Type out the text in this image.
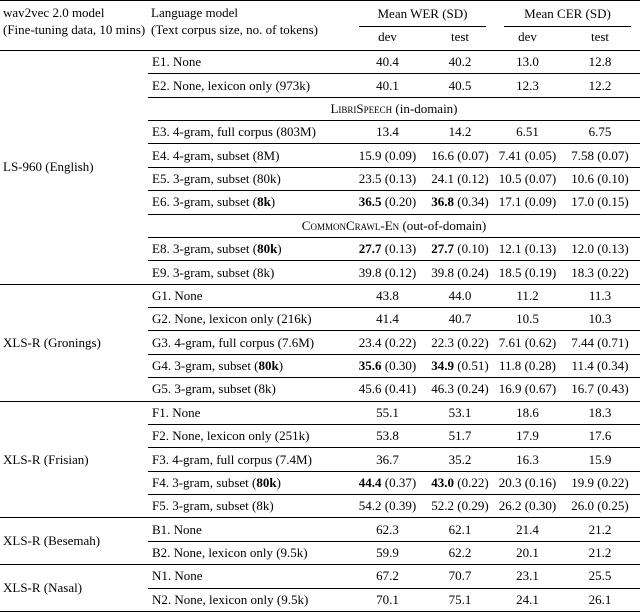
wav2vec 2.0 model
(Fine-tuning data, 10 mins)

Language model
(Text corpus size, no. of tokens)

Mean WER (SD)	Mean CER (SD)

		dev	test	dev	test
LS-960 (English)	E1. None	40.4	40.2	13.0	12.8
	E2. None, lexicon only (973k)	40.1	40.5	12.3	12.2
	LibriSpeech (in-domain)				
	E3. 4-gram, full corpus (803M)	13.4	14.2	6.51	6.75
	E4. 4-gram, subset (8M)	15.9 (0.09)	16.6 (0.07)	7.41 (0.05)	7.58 (0.07)
	E5. 3-gram, subset (80k)	23.5 (0.13)	24.1 (0.12)	10.5 (0.07)	10.6 (0.10)
	E6. 3-gram, subset (8k)	36.5 (0.20)	36.8 (0.34)	17.1 (0.09)	17.0 (0.15)
	CommonCrawl-En (out-of-domain)				
	E8. 3-gram, subset (80k)	27.7 (0.13)	27.7 (0.10)	12.1 (0.13)	12.0 (0.13)
	E9. 3-gram, subset (8k)	39.8 (0.12)	39.8 (0.24)	18.5 (0.19)	18.3 (0.22)
XLS-R (Gronings)	G1. None	43.8	44.0	11.2	11.3
	G2. None, lexicon only (216k)	41.4	40.7	10.5	10.3
	G3. 4-gram, full corpus (7.6M)	23.4 (0.22)	22.3 (0.22)	7.61 (0.62)	7.44 (0.71)
	G4. 3-gram, subset (80k)	35.6 (0.30)	34.9 (0.51)	11.8 (0.28)	11.4 (0.34)
	G5. 3-gram, subset (8k)	45.6 (0.41)	46.3 (0.24)	16.9 (0.67)	16.7 (0.43)
XLS-R (Frisian)	F1. None	55.1	53.1	18.6	18.3
	F2. None, lexicon only (251k)	53.8	51.7	17.9	17.6
	F3. 4-gram, full corpus (7.4M)	36.7	35.2	16.3	15.9
	F4. 3-gram, subset (80k)	44.4 (0.37)	43.0 (0.22)	20.3 (0.16)	19.9 (0.22)
	F5. 3-gram, subset (8k)	54.2 (0.39)	52.2 (0.29)	26.2 (0.30)	26.0 (0.25)
XLS-R (Besemah)	B1. None	62.3	62.1	21.4	21.2
	B2. None, lexicon only (9.5k)	59.9	62.2	20.1	21.2
XLS-R (Nasal)	N1. None	67.2	70.7	23.1	25.5
	N2. None, lexicon only (9.5k)	70.1	75.1	24.1	26.1
